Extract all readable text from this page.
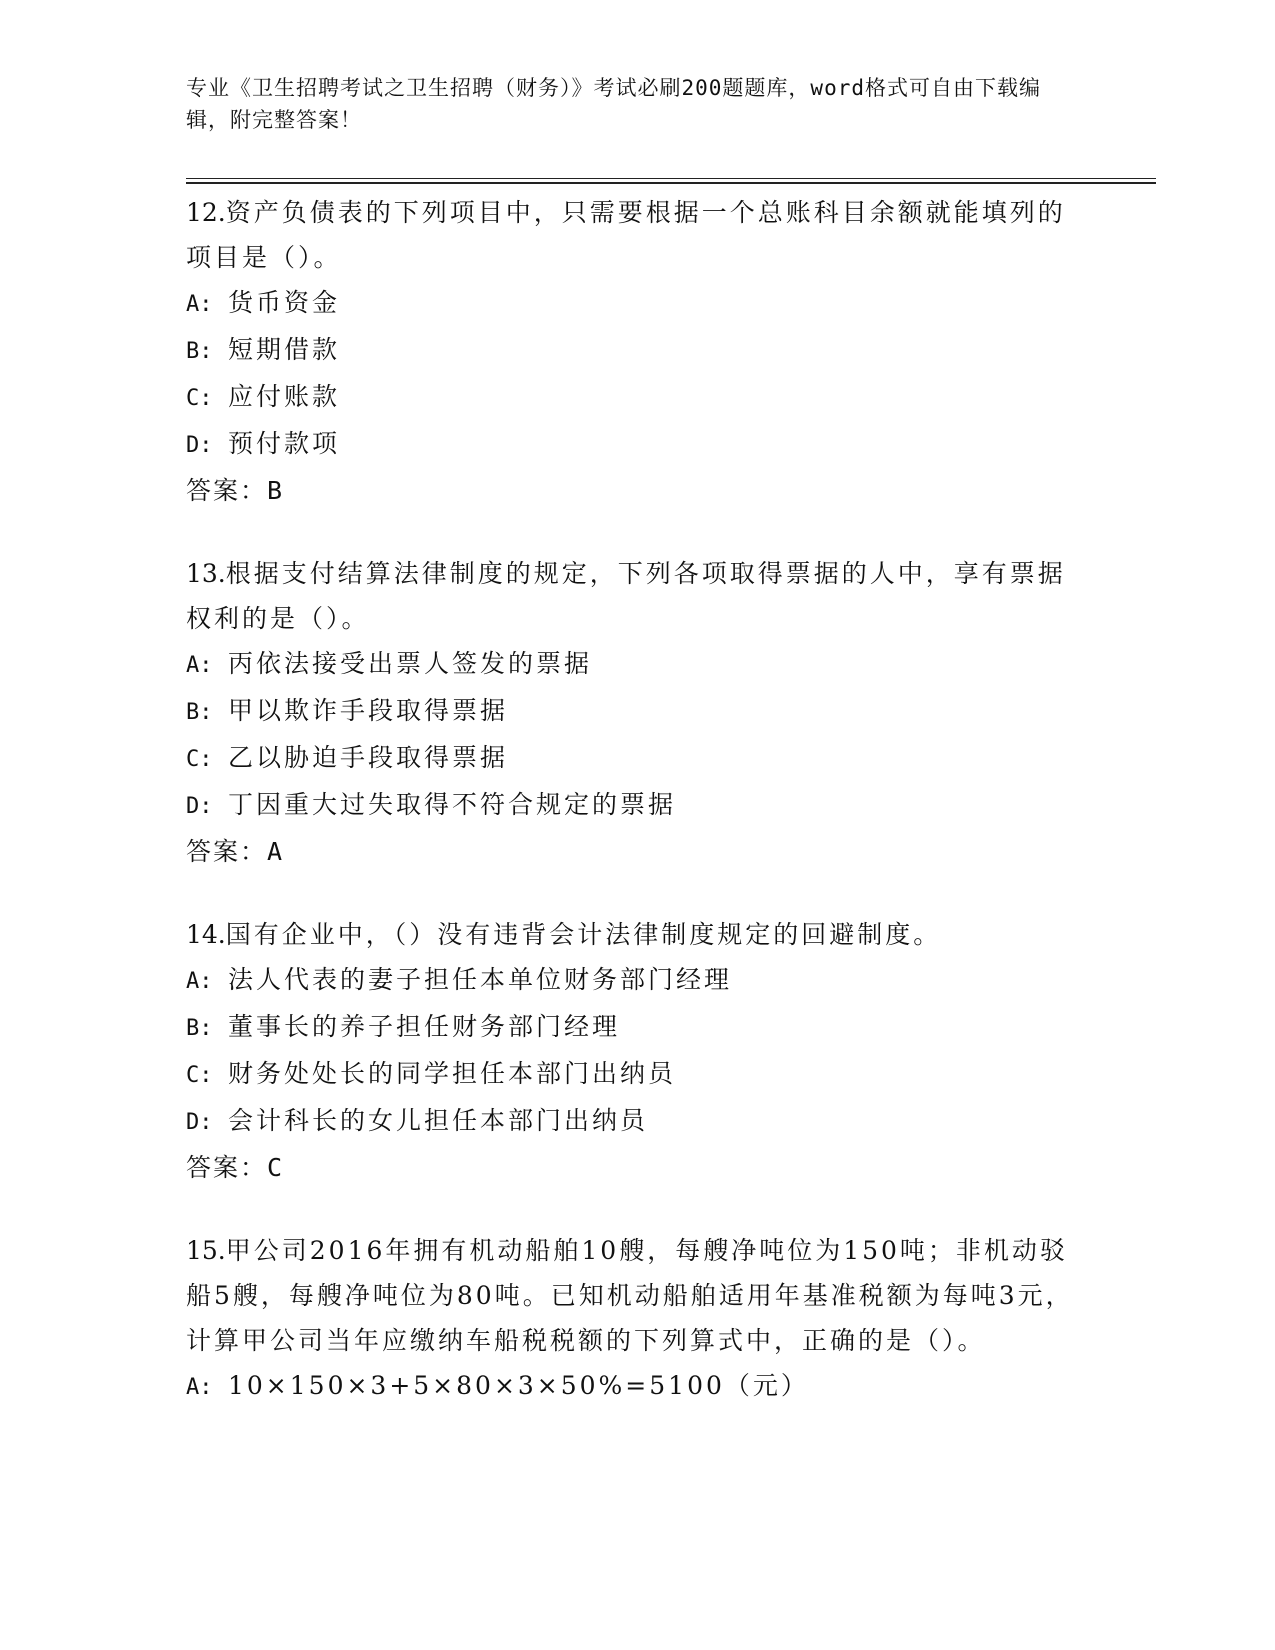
专业《卫生招聘考试之卫生招聘（财务）》考试必刷200题题库，word格式可自由下载编辑，附完整答案！

12.资产负债表的下列项目中，只需要根据一个总账科目余额就能填列的项目是（）。

A: 货币资金
B: 短期借款
C: 应付账款
D: 预付款项
答案：B

13.根据支付结算法律制度的规定，下列各项取得票据的人中，享有票据权利的是（）。

A: 丙依法接受出票人签发的票据
B: 甲以欺诈手段取得票据
C: 乙以胁迫手段取得票据
D: 丁因重大过失取得不符合规定的票据
答案：A

14.国有企业中，（）没有违背会计法律制度规定的回避制度。

A: 法人代表的妻子担任本单位财务部门经理
B: 董事长的养子担任财务部门经理
C: 财务处处长的同学担任本部门出纳员
D: 会计科长的女儿担任本部门出纳员
答案：C

15.甲公司2016年拥有机动船舶10艘，每艘净吨位为150吨；非机动驳船5艘，每艘净吨位为80吨。已知机动船舶适用年基准税额为每吨3元，计算甲公司当年应缴纳车船税税额的下列算式中，正确的是（）。

A: 10×150×3+5×80×3×50%=5100（元）
